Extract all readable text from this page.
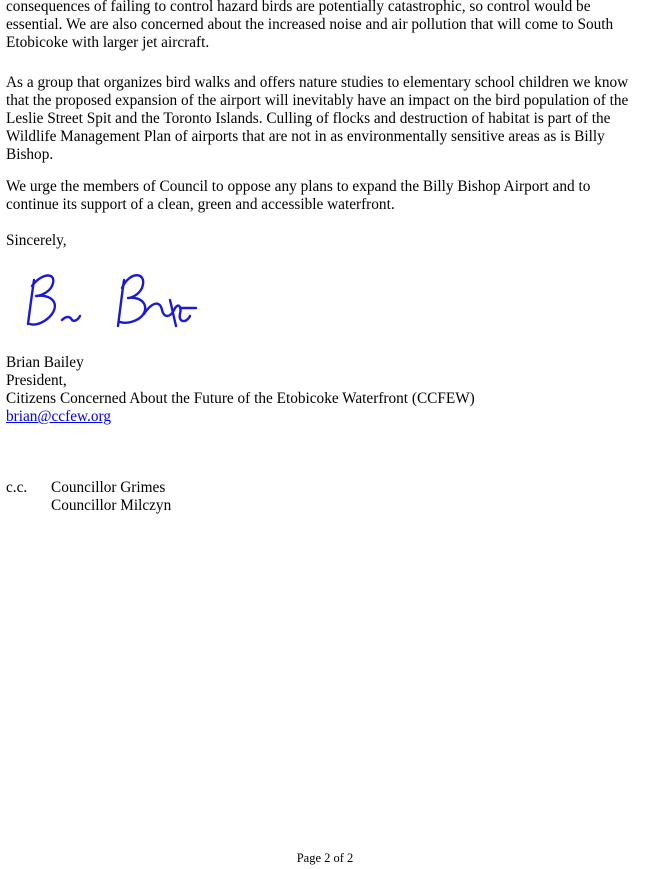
consequences of failing to control hazard birds are potentially catastrophic, so control would be
essential. We are also concerned about the increased noise and air pollution that will come to South
Etobicoke with larger jet aircraft.
As a group that organizes bird walks and offers nature studies to elementary school children we know
that the proposed expansion of the airport will inevitably have an impact on the bird population of the
Leslie Street Spit and the Toronto Islands. Culling of flocks and destruction of habitat is part of the
Wildlife Management Plan of airports that are not in as environmentally sensitive areas as is Billy
Bishop.
We urge the members of Council to oppose any plans to expand the Billy Bishop Airport and to
continue its support of a clean, green and accessible waterfront.
Sincerely,
Brian Bailey
President,
Citizens Concerned About the Future of the Etobicoke Waterfront (CCFEW)
brian@ccfew.org
c.c. Councillor Grimes
Councillor Milczyn
Page 2 of 2
